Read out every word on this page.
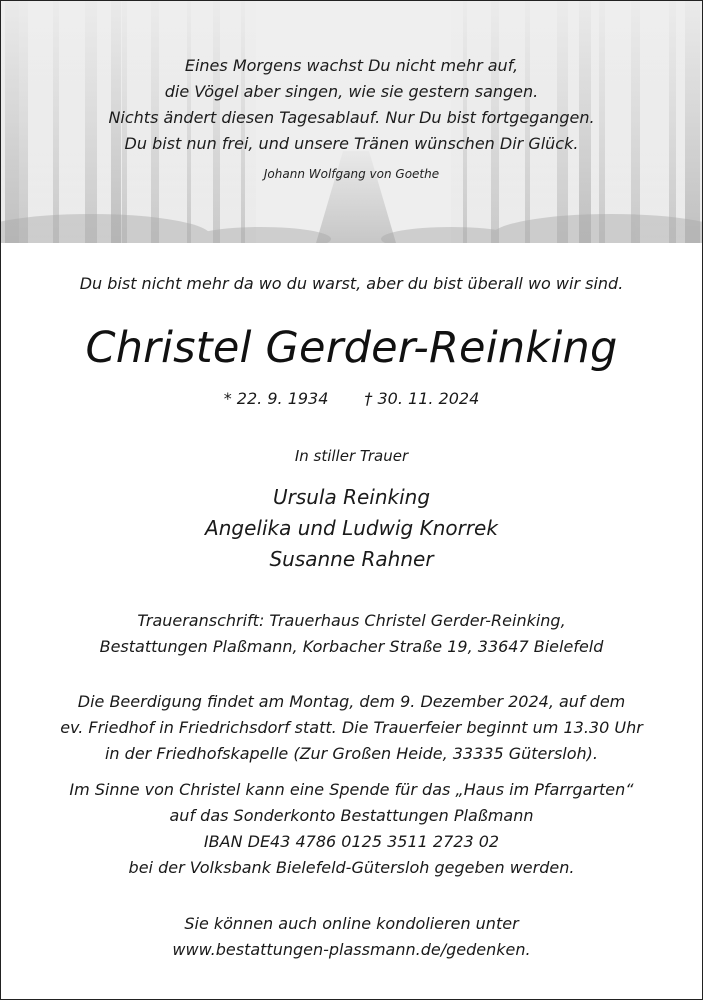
Eines Morgens wachst Du nicht mehr auf,
die Vögel aber singen, wie sie gestern sangen.
Nichts ändert diesen Tagesablauf. Nur Du bist fortgegangen.
Du bist nun frei, und unsere Tränen wünschen Dir Glück.
Johann Wolfgang von Goethe
Du bist nicht mehr da wo du warst, aber du bist überall wo wir sind.
Christel Gerder-Reinking
* 22. 9. 1934 † 30. 11. 2024
In stiller Trauer
Ursula Reinking
Angelika und Ludwig Knorrek
Susanne Rahner
Traueranschrift: Trauerhaus Christel Gerder-Reinking,
Bestattungen Plaßmann, Korbacher Straße 19, 33647 Bielefeld
Die Beerdigung findet am Montag, dem 9. Dezember 2024, auf dem
ev. Friedhof in Friedrichsdorf statt. Die Trauerfeier beginnt um 13.30 Uhr
in der Friedhofskapelle (Zur Großen Heide, 33335 Gütersloh).
Im Sinne von Christel kann eine Spende für das „Haus im Pfarrgarten“
auf das Sonderkonto Bestattungen Plaßmann
IBAN DE43 4786 0125 3511 2723 02
bei der Volksbank Bielefeld-Gütersloh gegeben werden.
Sie können auch online kondolieren unter
www.bestattungen-plassmann.de/gedenken.
